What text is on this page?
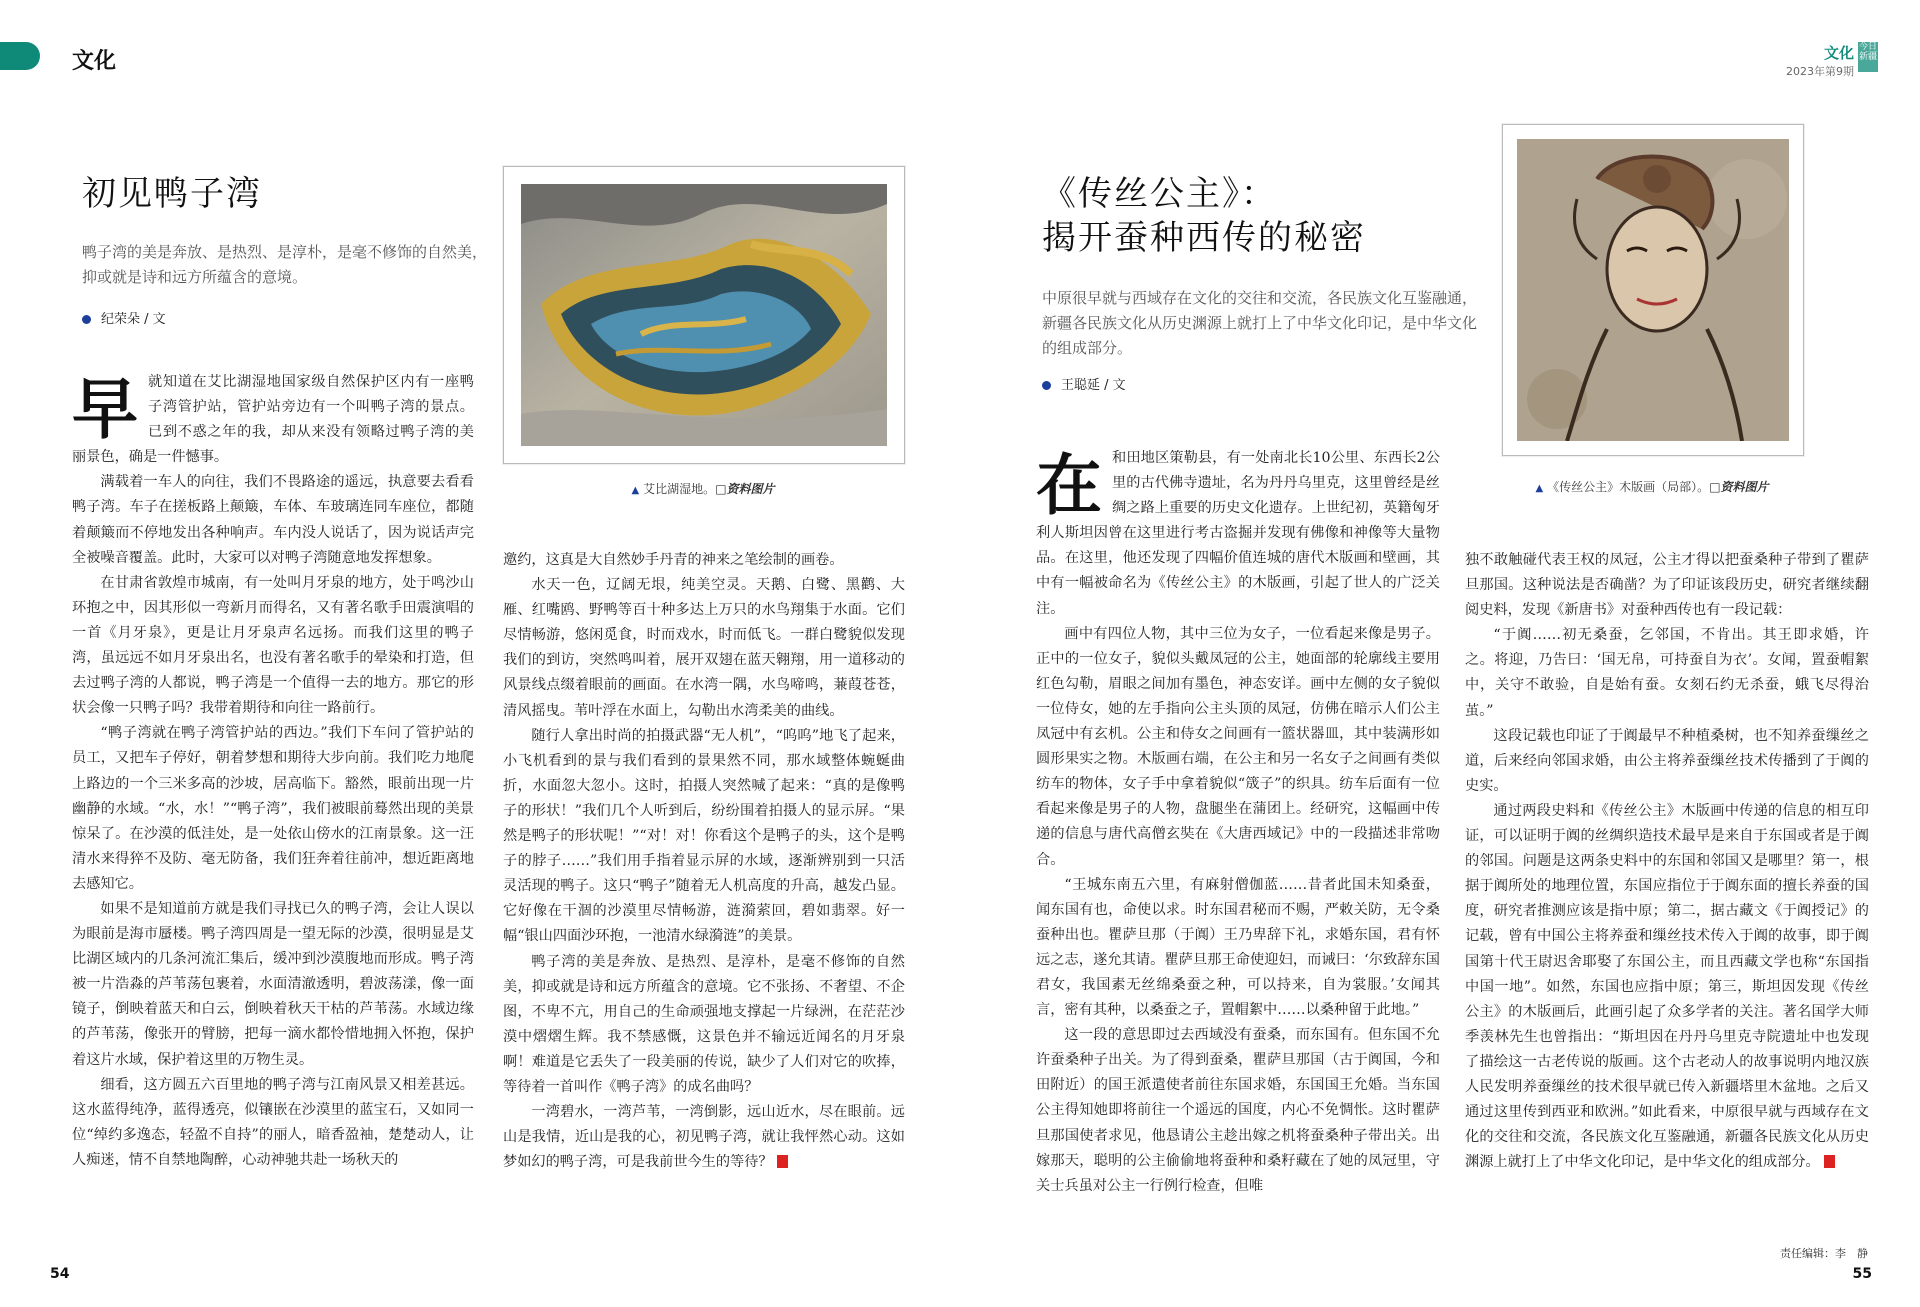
文化	文化
2023年第9期
今日新疆
初见鸭子湾
鸭子湾的美是奔放、是热烈、是淳朴，是毫不修饰的自然美，抑或就是诗和远方所蕴含的意境。
纪荣朵 / 文
▲ 艾比湖湿地。□资料图片
早 就知道在艾比湖湿地国家级自然保护区内有一座鸭子湾管护站，管护站旁边有一个叫鸭子湾的景点。已到不惑之年的我，却从来没有领略过鸭子湾的美丽景色，确是一件憾事。

满载着一车人的向往，我们不畏路途的遥远，执意要去看看鸭子湾。车子在搓板路上颠簸，车体、车玻璃连同车座位，都随着颠簸而不停地发出各种响声。车内没人说话了，因为说话声完全被噪音覆盖。此时，大家可以对鸭子湾随意地发挥想象。

在甘肃省敦煌市城南，有一处叫月牙泉的地方，处于鸣沙山环抱之中，因其形似一弯新月而得名，又有著名歌手田震演唱的一首《月牙泉》，更是让月牙泉声名远扬。而我们这里的鸭子湾，虽远远不如月牙泉出名，也没有著名歌手的晕染和打造，但去过鸭子湾的人都说，鸭子湾是一个值得一去的地方。那它的形状会像一只鸭子吗？我带着期待和向往一路前行。

“鸭子湾就在鸭子湾管护站的西边。”我们下车问了管护站的员工，又把车子停好，朝着梦想和期待大步向前。我们吃力地爬上路边的一个三米多高的沙坡，居高临下。豁然，眼前出现一片幽静的水域。“水，水！”“鸭子湾”，我们被眼前蓦然出现的美景惊呆了。在沙漠的低洼处，是一处依山傍水的江南景象。这一汪清水来得猝不及防、毫无防备，我们狂奔着往前冲，想近距离地去感知它。

如果不是知道前方就是我们寻找已久的鸭子湾，会让人误以为眼前是海市蜃楼。鸭子湾四周是一望无际的沙漠，很明显是艾比湖区域内的几条河流汇集后，缓冲到沙漠腹地而形成。鸭子湾被一片浩淼的芦苇荡包裹着，水面清澈透明，碧波荡漾，像一面镜子，倒映着蓝天和白云，倒映着秋天干枯的芦苇荡。水域边缘的芦苇荡，像张开的臂膀，把每一滴水都怜惜地拥入怀抱，保护着这片水域，保护着这里的万物生灵。

细看，这方圆五六百里地的鸭子湾与江南风景又相差甚远。这水蓝得纯净，蓝得透亮，似镶嵌在沙漠里的蓝宝石，又如同一位“绰约多逸态，轻盈不自持”的丽人，暗香盈袖，楚楚动人，让人痴迷，情不自禁地陶醉，心动神驰共赴一场秋天的

邀约，这真是大自然妙手丹青的神来之笔绘制的画卷。

水天一色，辽阔无垠，纯美空灵。天鹅、白鹭、黑鹳、大雁、红嘴鸥、野鸭等百十种多达上万只的水鸟翔集于水面。它们尽情畅游，悠闲觅食，时而戏水，时而低飞。一群白鹭貌似发现我们的到访，突然鸣叫着，展开双翅在蓝天翱翔，用一道移动的风景线点缀着眼前的画面。在水湾一隅，水鸟啼鸣，蒹葭苍苍，清风摇曳。苇叶浮在水面上，勾勒出水湾柔美的曲线。

随行人拿出时尚的拍摄武器“无人机”，“呜呜”地飞了起来，小飞机看到的景与我们看到的景果然不同，那水域整体蜿蜒曲折，水面忽大忽小。这时，拍摄人突然喊了起来：“真的是像鸭子的形状！”我们几个人听到后，纷纷围着拍摄人的显示屏。“果然是鸭子的形状呢！”“对！对！你看这个是鸭子的头，这个是鸭子的脖子……”我们用手指着显示屏的水域，逐渐辨别到一只活灵活现的鸭子。这只“鸭子”随着无人机高度的升高，越发凸显。它好像在干涸的沙漠里尽情畅游，涟漪萦回，碧如翡翠。好一幅“银山四面沙环抱，一池清水绿漪涟”的美景。

鸭子湾的美是奔放、是热烈、是淳朴，是毫不修饰的自然美，抑或就是诗和远方所蕴含的意境。它不张扬、不奢望、不企图，不卑不亢，用自己的生命顽强地支撑起一片绿洲，在茫茫沙漠中熠熠生辉。我不禁感慨，这景色并不输远近闻名的月牙泉啊！难道是它丢失了一段美丽的传说，缺少了人们对它的吹捧，等待着一首叫作《鸭子湾》的成名曲吗？

一湾碧水，一湾芦苇，一湾倒影，远山近水，尽在眼前。远山是我情，近山是我的心，初见鸭子湾，就让我怦然心动。这如梦如幻的鸭子湾，可是我前世今生的等待？

54
《传丝公主》：
揭开蚕种西传的秘密
中原很早就与西域存在文化的交往和交流，各民族文化互鉴融通，新疆各民族文化从历史渊源上就打上了中华文化印记，是中华文化的组成部分。
王聪延 / 文
▲ 《传丝公主》木版画（局部）。□资料图片
在 和田地区策勒县，有一处南北长10公里、东西长2公里的古代佛寺遗址，名为丹丹乌里克，这里曾经是丝绸之路上重要的历史文化遗存。上世纪初，英籍匈牙利人斯坦因曾在这里进行考古盗掘并发现有佛像和神像等大量物品。在这里，他还发现了四幅价值连城的唐代木版画和壁画，其中有一幅被命名为《传丝公主》的木版画，引起了世人的广泛关注。

画中有四位人物，其中三位为女子，一位看起来像是男子。正中的一位女子，貌似头戴凤冠的公主，她面部的轮廓线主要用红色勾勒，眉眼之间加有墨色，神态安详。画中左侧的女子貌似一位侍女，她的左手指向公主头顶的凤冠，仿佛在暗示人们公主凤冠中有玄机。公主和侍女之间画有一篮状器皿，其中装满形如圆形果实之物。木版画右端，在公主和另一名女子之间画有类似纺车的物体，女子手中拿着貌似“筬子”的织具。纺车后面有一位看起来像是男子的人物，盘腿坐在蒲团上。经研究，这幅画中传递的信息与唐代高僧玄奘在《大唐西域记》中的一段描述非常吻合。

“王城东南五六里，有麻射僧伽蓝……昔者此国未知桑蚕，闻东国有也，命使以求。时东国君秘而不赐，严敕关防，无令桑蚕种出也。瞿萨旦那（于阗）王乃卑辞下礼，求婚东国，君有怀远之志，遂允其请。瞿萨旦那王命使迎妇，而诫曰：‘尔致辞东国君女，我国素无丝绵桑蚕之种，可以持来，自为裳服。’女闻其言，密有其种，以桑蚕之子，置帽絮中……以桑种留于此地。”

这一段的意思即过去西域没有蚕桑，而东国有。但东国不允许蚕桑种子出关。为了得到蚕桑，瞿萨旦那国（古于阗国，今和田附近）的国王派遣使者前往东国求婚，东国国王允婚。当东国公主得知她即将前往一个遥远的国度，内心不免惆怅。这时瞿萨旦那国使者求见，他恳请公主趁出嫁之机将蚕桑种子带出关。出嫁那天，聪明的公主偷偷地将蚕种和桑籽藏在了她的凤冠里，守关士兵虽对公主一行例行检查，但唯

独不敢触碰代表王权的凤冠，公主才得以把蚕桑种子带到了瞿萨旦那国。这种说法是否确凿？为了印证该段历史，研究者继续翻阅史料，发现《新唐书》对蚕种西传也有一段记载：

“于阗……初无桑蚕，乞邻国，不肯出。其王即求婚，许之。将迎，乃告曰：‘国无帛，可持蚕自为衣’。女闻，置蚕帽絮中，关守不敢验，自是始有蚕。女刻石约无杀蚕，蛾飞尽得治茧。”

这段记载也印证了于阗最早不种植桑树，也不知养蚕缫丝之道，后来经向邻国求婚，由公主将养蚕缫丝技术传播到了于阗的史实。

通过两段史料和《传丝公主》木版画中传递的信息的相互印证，可以证明于阗的丝绸织造技术最早是来自于东国或者是于阗的邻国。问题是这两条史料中的东国和邻国又是哪里？第一，根据于阗所处的地理位置，东国应指位于于阗东面的擅长养蚕的国度，研究者推测应该是指中原；第二，据古藏文《于阗授记》的记载，曾有中国公主将养蚕和缫丝技术传入于阗的故事，即于阗国第十代王尉迟舍耶娶了东国公主，而且西藏文学也称“东国指中国一地”。如然，东国也应指中原；第三，斯坦因发现《传丝公主》的木版画后，此画引起了众多学者的关注。著名国学大师季羡林先生也曾指出：“斯坦因在丹丹乌里克寺院遗址中也发现了描绘这一古老传说的版画。这个古老动人的故事说明内地汉族人民发明养蚕缫丝的技术很早就已传入新疆塔里木盆地。之后又通过这里传到西亚和欧洲。”如此看来，中原很早就与西域存在文化的交往和交流，各民族文化互鉴融通，新疆各民族文化从历史渊源上就打上了中华文化印记，是中华文化的组成部分。

责任编辑：李　静
55
